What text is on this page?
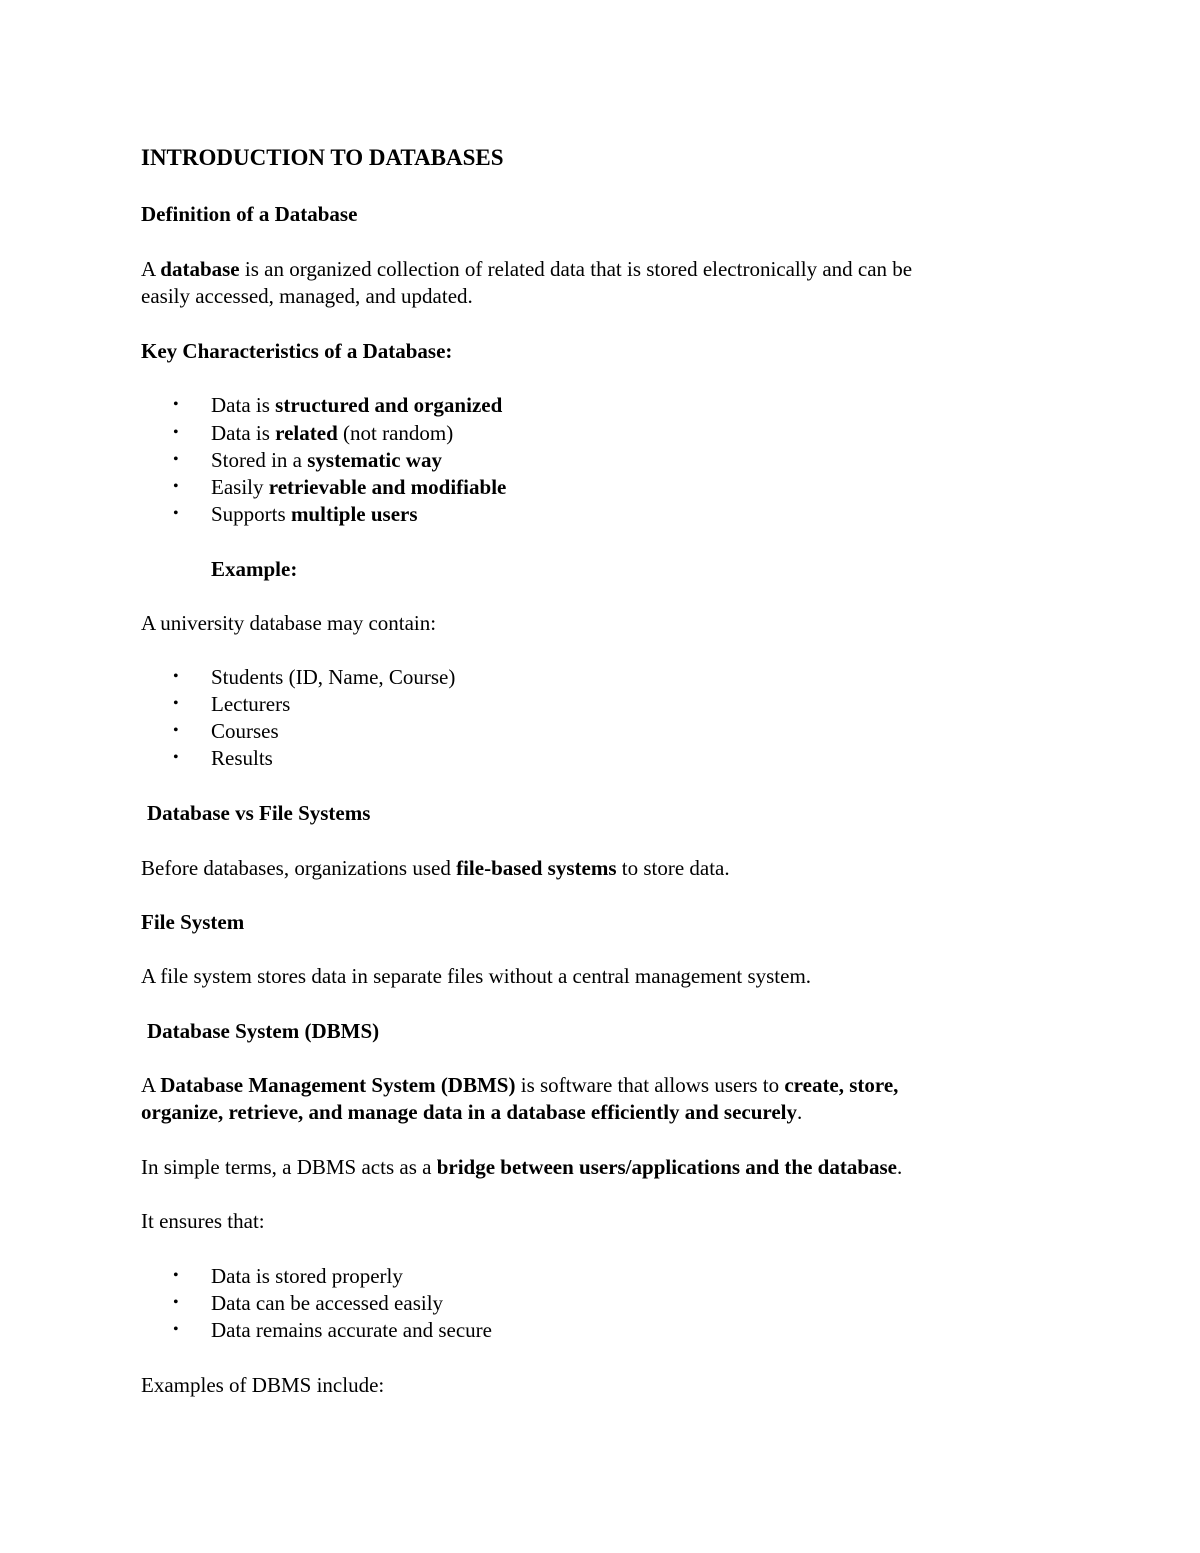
INTRODUCTION TO DATABASES
Definition of a Database
A database is an organized collection of related data that is stored electronically and can be
easily accessed, managed, and updated.
Key Characteristics of a Database:
• Data is structured and organized
• Data is related (not random)
• Stored in a systematic way
• Easily retrievable and modifiable
• Supports multiple users
Example:
A university database may contain:
• Students (ID, Name, Course)
• Lecturers
• Courses
• Results
Database vs File Systems
Before databases, organizations used file-based systems to store data.
File System
A file system stores data in separate files without a central management system.
Database System (DBMS)
A Database Management System (DBMS) is software that allows users to create, store,
organize, retrieve, and manage data in a database efficiently and securely.
In simple terms, a DBMS acts as a bridge between users/applications and the database.
It ensures that:
• Data is stored properly
• Data can be accessed easily
• Data remains accurate and secure
Examples of DBMS include:
